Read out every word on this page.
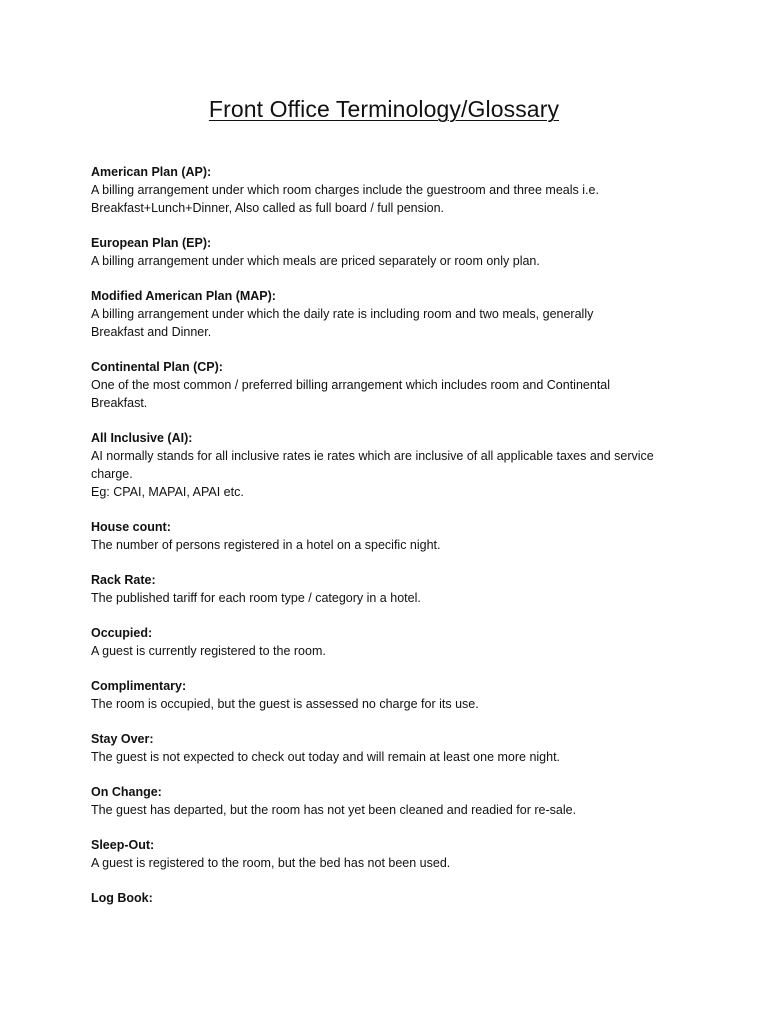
Front Office Terminology/Glossary
American Plan (AP):
A billing arrangement under which room charges include the guestroom and three meals i.e.
Breakfast+Lunch+Dinner, Also called as full board / full pension.
European Plan (EP):
A billing arrangement under which meals are priced separately or room only plan.
Modified American Plan (MAP):
A billing arrangement under which the daily rate is including room and two meals, generally
Breakfast and Dinner.
Continental Plan (CP):
One of the most common / preferred billing arrangement which includes room and Continental
Breakfast.
All Inclusive (AI):
AI normally stands for all inclusive rates ie rates which are inclusive of all applicable taxes and service
charge.
Eg: CPAI, MAPAI, APAI etc.
House count:
The number of persons registered in a hotel on a specific night.
Rack Rate:
The published tariff for each room type / category in a hotel.
Occupied:
A guest is currently registered to the room.
Complimentary:
The room is occupied, but the guest is assessed no charge for its use.
Stay Over:
The guest is not expected to check out today and will remain at least one more night.
On Change:
The guest has departed, but the room has not yet been cleaned and readied for re-sale.
Sleep-Out:
A guest is registered to the room, but the bed has not been used.
Log Book:
